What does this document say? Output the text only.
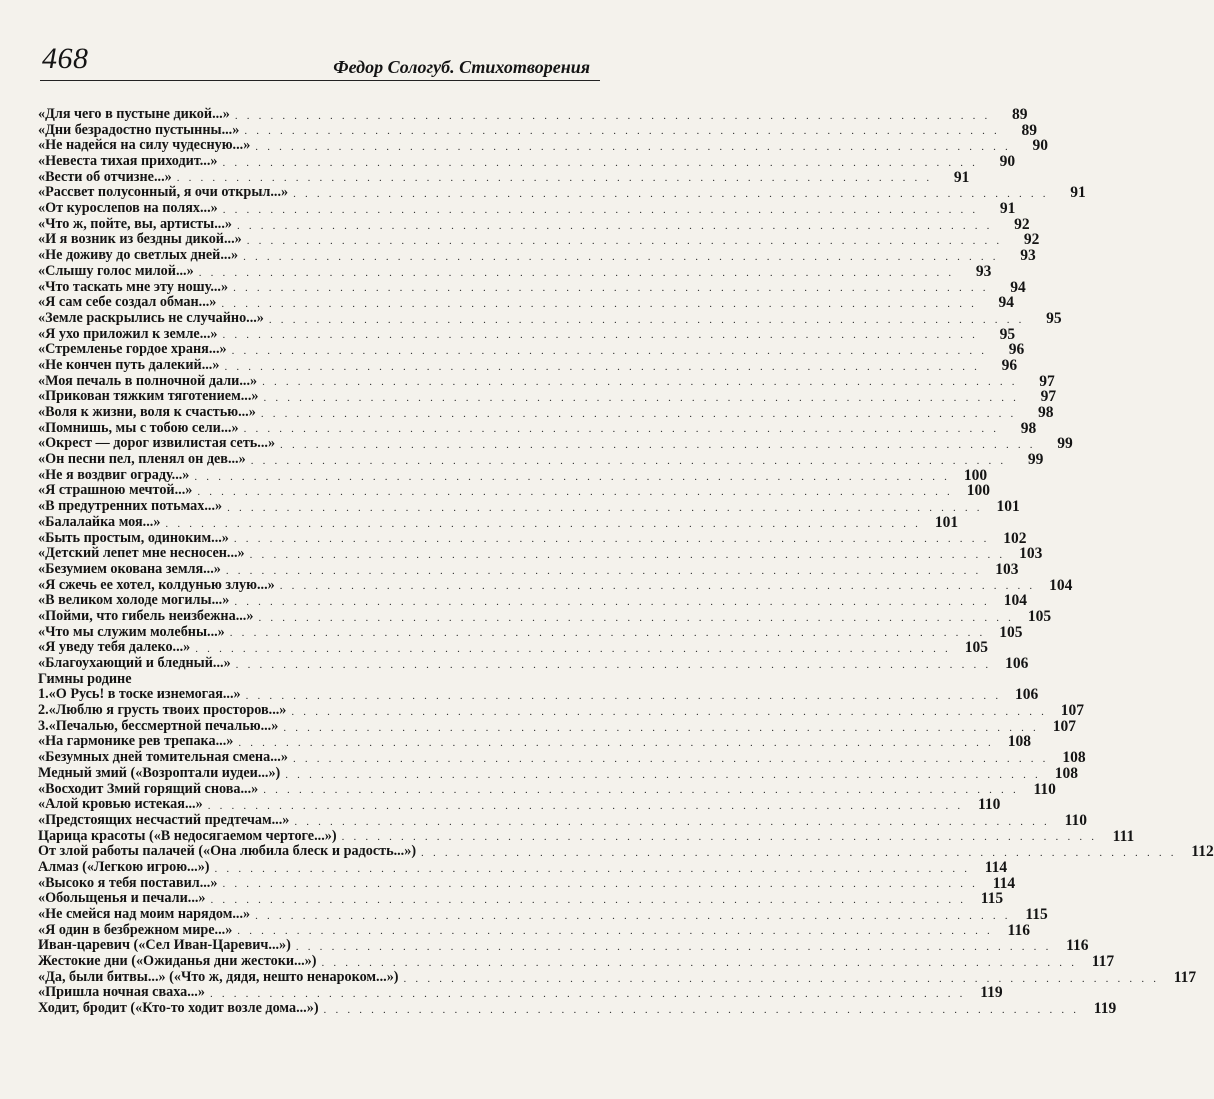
468	Федор Сологуб. Стихотворения
«Для чего в пустыне дикой...» . . . . . . . . . . . . . . . . . . . . . . . . . . . . . . . . . . . . . . . . . . . . . . . . . . . . . . . . . . . . . . . .	89
«Дни безрадостно пустынны...» . . . . . . . . . . . . . . . . . . . . . . . . . . . . . . . . . . . . . . . . . . . . . . . . . . . . . . . . . . . . . . . .	89
«Не надейся на силу чудесную...» . . . . . . . . . . . . . . . . . . . . . . . . . . . . . . . . . . . . . . . . . . . . . . . . . . . . . . . . . . . . . . . .	90
«Невеста тихая приходит...» . . . . . . . . . . . . . . . . . . . . . . . . . . . . . . . . . . . . . . . . . . . . . . . . . . . . . . . . . . . . . . . .	90
«Вести об отчизне...» . . . . . . . . . . . . . . . . . . . . . . . . . . . . . . . . . . . . . . . . . . . . . . . . . . . . . . . . . . . . . . . .	91
«Рассвет полусонный, я очи открыл...» . . . . . . . . . . . . . . . . . . . . . . . . . . . . . . . . . . . . . . . . . . . . . . . . . . . . . . . . . . . . . . . .	91
«От курослепов на полях...» . . . . . . . . . . . . . . . . . . . . . . . . . . . . . . . . . . . . . . . . . . . . . . . . . . . . . . . . . . . . . . . .	91
«Что ж, пойте, вы, артисты...» . . . . . . . . . . . . . . . . . . . . . . . . . . . . . . . . . . . . . . . . . . . . . . . . . . . . . . . . . . . . . . . .	92
«И я возник из бездны дикой...» . . . . . . . . . . . . . . . . . . . . . . . . . . . . . . . . . . . . . . . . . . . . . . . . . . . . . . . . . . . . . . . .	92
«Не доживу до светлых дней...» . . . . . . . . . . . . . . . . . . . . . . . . . . . . . . . . . . . . . . . . . . . . . . . . . . . . . . . . . . . . . . . .	93
«Слышу голос милой...» . . . . . . . . . . . . . . . . . . . . . . . . . . . . . . . . . . . . . . . . . . . . . . . . . . . . . . . . . . . . . . . .	93
«Что таскать мне эту ношу...» . . . . . . . . . . . . . . . . . . . . . . . . . . . . . . . . . . . . . . . . . . . . . . . . . . . . . . . . . . . . . . . .	94
«Я сам себе создал обман...» . . . . . . . . . . . . . . . . . . . . . . . . . . . . . . . . . . . . . . . . . . . . . . . . . . . . . . . . . . . . . . . .	94
«Земле раскрылись не случайно...» . . . . . . . . . . . . . . . . . . . . . . . . . . . . . . . . . . . . . . . . . . . . . . . . . . . . . . . . . . . . . . . .	95
«Я ухо приложил к земле...» . . . . . . . . . . . . . . . . . . . . . . . . . . . . . . . . . . . . . . . . . . . . . . . . . . . . . . . . . . . . . . . .	95
«Стремленье гордое храня...» . . . . . . . . . . . . . . . . . . . . . . . . . . . . . . . . . . . . . . . . . . . . . . . . . . . . . . . . . . . . . . . .	96
«Не кончен путь далекий...» . . . . . . . . . . . . . . . . . . . . . . . . . . . . . . . . . . . . . . . . . . . . . . . . . . . . . . . . . . . . . . . .	96
«Моя печаль в полночной дали...» . . . . . . . . . . . . . . . . . . . . . . . . . . . . . . . . . . . . . . . . . . . . . . . . . . . . . . . . . . . . . . . .	97
«Прикован тяжким тяготением...» . . . . . . . . . . . . . . . . . . . . . . . . . . . . . . . . . . . . . . . . . . . . . . . . . . . . . . . . . . . . . . . .	97
«Воля к жизни, воля к счастью...» . . . . . . . . . . . . . . . . . . . . . . . . . . . . . . . . . . . . . . . . . . . . . . . . . . . . . . . . . . . . . . . .	98
«Помнишь, мы с тобою сели...» . . . . . . . . . . . . . . . . . . . . . . . . . . . . . . . . . . . . . . . . . . . . . . . . . . . . . . . . . . . . . . . .	98
«Окрест — дорог извилистая сеть...» . . . . . . . . . . . . . . . . . . . . . . . . . . . . . . . . . . . . . . . . . . . . . . . . . . . . . . . . . . . . . . . .	99
«Он песни пел, пленял он дев...» . . . . . . . . . . . . . . . . . . . . . . . . . . . . . . . . . . . . . . . . . . . . . . . . . . . . . . . . . . . . . . . .	99
«Не я воздвиг ограду...» . . . . . . . . . . . . . . . . . . . . . . . . . . . . . . . . . . . . . . . . . . . . . . . . . . . . . . . . . . . . . . . . 100
«Я страшною мечтой...» . . . . . . . . . . . . . . . . . . . . . . . . . . . . . . . . . . . . . . . . . . . . . . . . . . . . . . . . . . . . . . . . 100
«В предутренних потьмах...» . . . . . . . . . . . . . . . . . . . . . . . . . . . . . . . . . . . . . . . . . . . . . . . . . . . . . . . . . . . . . . . . 101
«Балалайка моя...» . . . . . . . . . . . . . . . . . . . . . . . . . . . . . . . . . . . . . . . . . . . . . . . . . . . . . . . . . . . . . . . . 101
«Быть простым, одиноким...» . . . . . . . . . . . . . . . . . . . . . . . . . . . . . . . . . . . . . . . . . . . . . . . . . . . . . . . . . . . . . . . . 102
«Детский лепет мне несносен...» . . . . . . . . . . . . . . . . . . . . . . . . . . . . . . . . . . . . . . . . . . . . . . . . . . . . . . . . . . . . . . . . 103
«Безумием окована земля...» . . . . . . . . . . . . . . . . . . . . . . . . . . . . . . . . . . . . . . . . . . . . . . . . . . . . . . . . . . . . . . . . 103
«Я сжечь ее хотел, колдунью злую...» . . . . . . . . . . . . . . . . . . . . . . . . . . . . . . . . . . . . . . . . . . . . . . . . . . . . . . . . . . . . . . . . 104
«В великом холоде могилы...» . . . . . . . . . . . . . . . . . . . . . . . . . . . . . . . . . . . . . . . . . . . . . . . . . . . . . . . . . . . . . . . . 104
«Пойми, что гибель неизбежна...» . . . . . . . . . . . . . . . . . . . . . . . . . . . . . . . . . . . . . . . . . . . . . . . . . . . . . . . . . . . . . . . . 105
«Что мы служим молебны...» . . . . . . . . . . . . . . . . . . . . . . . . . . . . . . . . . . . . . . . . . . . . . . . . . . . . . . . . . . . . . . . . 105
«Я уведу тебя далеко...» . . . . . . . . . . . . . . . . . . . . . . . . . . . . . . . . . . . . . . . . . . . . . . . . . . . . . . . . . . . . . . . . 105
«Благоухающий и бледный...» . . . . . . . . . . . . . . . . . . . . . . . . . . . . . . . . . . . . . . . . . . . . . . . . . . . . . . . . . . . . . . . . 106
Гимны родине
1.«О Русь! в тоске изнемогая...» . . . . . . . . . . . . . . . . . . . . . . . . . . . . . . . . . . . . . . . . . . . . . . . . . . . . . . . . . . . . . . . . 106
2.«Люблю я грусть твоих просторов...» . . . . . . . . . . . . . . . . . . . . . . . . . . . . . . . . . . . . . . . . . . . . . . . . . . . . . . . . . . . . . . . . 107
3.«Печалью, бессмертной печалью...» . . . . . . . . . . . . . . . . . . . . . . . . . . . . . . . . . . . . . . . . . . . . . . . . . . . . . . . . . . . . . . . . 107
«На гармонике рев трепака...» . . . . . . . . . . . . . . . . . . . . . . . . . . . . . . . . . . . . . . . . . . . . . . . . . . . . . . . . . . . . . . . . 108
«Безумных дней томительная смена...» . . . . . . . . . . . . . . . . . . . . . . . . . . . . . . . . . . . . . . . . . . . . . . . . . . . . . . . . . . . . . . . . 108
Медный змий («Возроптали иудеи...») . . . . . . . . . . . . . . . . . . . . . . . . . . . . . . . . . . . . . . . . . . . . . . . . . . . . . . . . . . . . . . . . 108
«Восходит Змий горящий снова...» . . . . . . . . . . . . . . . . . . . . . . . . . . . . . . . . . . . . . . . . . . . . . . . . . . . . . . . . . . . . . . . . 110
«Алой кровью истекая...» . . . . . . . . . . . . . . . . . . . . . . . . . . . . . . . . . . . . . . . . . . . . . . . . . . . . . . . . . . . . . . . . 110
«Предстоящих несчастий предтечам...» . . . . . . . . . . . . . . . . . . . . . . . . . . . . . . . . . . . . . . . . . . . . . . . . . . . . . . . . . . . . . . . . 110
Царица красоты («В недосягаемом чертоге...») . . . . . . . . . . . . . . . . . . . . . . . . . . . . . . . . . . . . . . . . . . . . . . . . . . . . . . . . . . . . . . . . 111
От злой работы палачей («Она любила блеск и радость...») . . . . . . . . . . . . . . . . . . . . . . . . . . . . . . . . . . . . . . . . . . . . . . . . . . . . . . . . . . . . . . . . 112
Алмаз («Легкою игрою...») . . . . . . . . . . . . . . . . . . . . . . . . . . . . . . . . . . . . . . . . . . . . . . . . . . . . . . . . . . . . . . . . 114
«Высоко я тебя поставил...» . . . . . . . . . . . . . . . . . . . . . . . . . . . . . . . . . . . . . . . . . . . . . . . . . . . . . . . . . . . . . . . . 114
«Обольщенья и печали...» . . . . . . . . . . . . . . . . . . . . . . . . . . . . . . . . . . . . . . . . . . . . . . . . . . . . . . . . . . . . . . . . 115
«Не смейся над моим нарядом...» . . . . . . . . . . . . . . . . . . . . . . . . . . . . . . . . . . . . . . . . . . . . . . . . . . . . . . . . . . . . . . . . 115
«Я один в безбрежном мире...» . . . . . . . . . . . . . . . . . . . . . . . . . . . . . . . . . . . . . . . . . . . . . . . . . . . . . . . . . . . . . . . . 116
Иван-царевич («Сел Иван-Царевич...») . . . . . . . . . . . . . . . . . . . . . . . . . . . . . . . . . . . . . . . . . . . . . . . . . . . . . . . . . . . . . . . . 116
Жестокие дни («Ожиданья дни жестоки...») . . . . . . . . . . . . . . . . . . . . . . . . . . . . . . . . . . . . . . . . . . . . . . . . . . . . . . . . . . . . . . . . 117
«Да, были битвы...» («Что ж, дядя, нешто ненароком...») . . . . . . . . . . . . . . . . . . . . . . . . . . . . . . . . . . . . . . . . . . . . . . . . . . . . . . . . . . . . . . . . 117
«Пришла ночная сваха...» . . . . . . . . . . . . . . . . . . . . . . . . . . . . . . . . . . . . . . . . . . . . . . . . . . . . . . . . . . . . . . . . 119
Ходит, бродит («Кто-то ходит возле дома...») . . . . . . . . . . . . . . . . . . . . . . . . . . . . . . . . . . . . . . . . . . . . . . . . . . . . . . . . . . . . . . . . 119
